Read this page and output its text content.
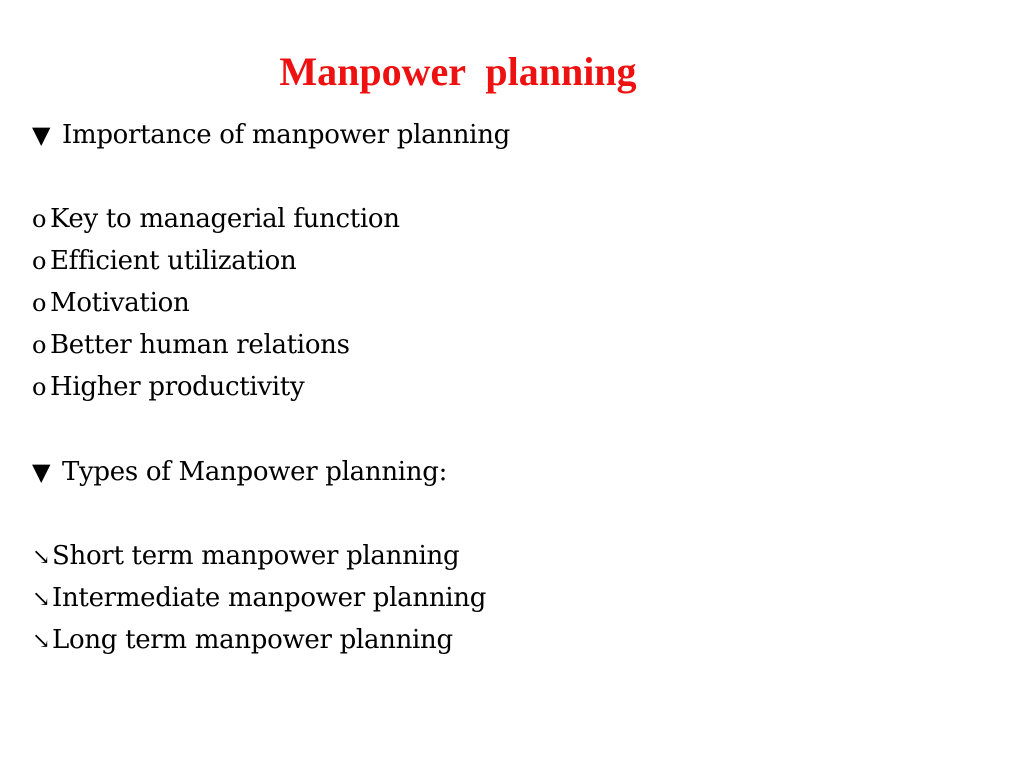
Manpower  planning
▼ Importance of manpower planning
o Key to managerial function
o Efficient utilization
o Motivation
o Better human relations
o Higher productivity
▼ Types of Manpower planning:
↘Short term manpower planning
↘Intermediate manpower planning
↘Long term manpower planning
